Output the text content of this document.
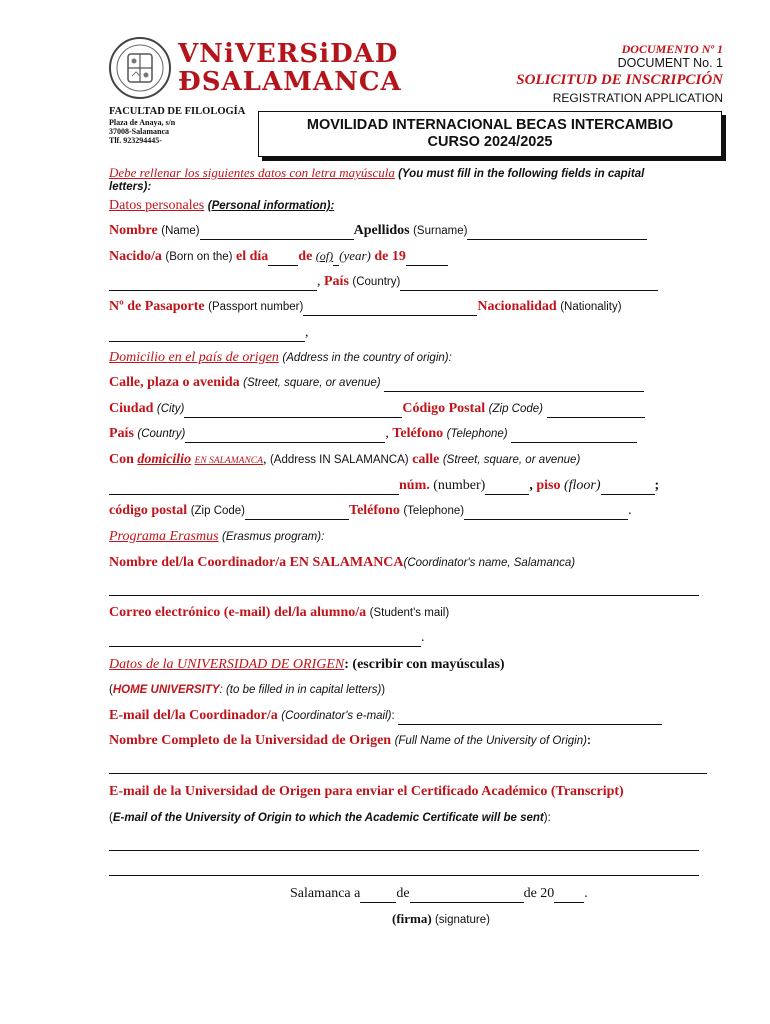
VNiVERSiDAD
ÐSALAMANCA
DOCUMENTO Nº 1
DOCUMENT No. 1
SOLICITUD DE INSCRIPCIÓN
REGISTRATION APPLICATION
FACULTAD DE FILOLOGÍA
Plaza de Anaya, s/n
37008-Salamanca
Tlf. 923294445-
MOVILIDAD INTERNACIONAL BECAS INTERCAMBIO
CURSO 2024/2025
Debe rellenar los siguientes datos con letra mayúscula (You must fill in the following fields in capital
letters):
Datos personales (Personal information):
Nombre (Name)	Apellidos (Surname)
Nacido/a (Born on the) el día de (of) (year) de 19
, País (Country)
Nº de Pasaporte (Passport number)	Nacionalidad (Nationality)
,
Domicilio en el país de origen (Address in the country of origin):
Calle, plaza o avenida (Street, square, or avenue)
Ciudad (City)	Código Postal (Zip Code)
País (Country)	, Teléfono (Telephone)
Con domicilio EN SALAMANCA, (Address IN SALAMANCA) calle (Street, square, or avenue)
núm. (number)	, piso (floor)	;
código postal (Zip Code)	Teléfono (Telephone)	.
Programa Erasmus (Erasmus program):
Nombre del/la Coordinador/a EN SALAMANCA(Coordinator's name, Salamanca)
Correo electrónico (e-mail) del/la alumno/a (Student's mail)
.
Datos de la UNIVERSIDAD DE ORIGEN: (escribir con mayúsculas)
(HOME UNIVERSITY: (to be filled in in capital letters))
E-mail del/la Coordinador/a (Coordinator's e-mail):
Nombre Completo de la Universidad de Origen (Full Name of the University of Origin):
E-mail de la Universidad de Origen para enviar el Certificado Académico (Transcript)
(E-mail of the University of Origin to which the Academic Certificate will be sent):
Salamanca a	de	de 20 .
(firma) (signature)
